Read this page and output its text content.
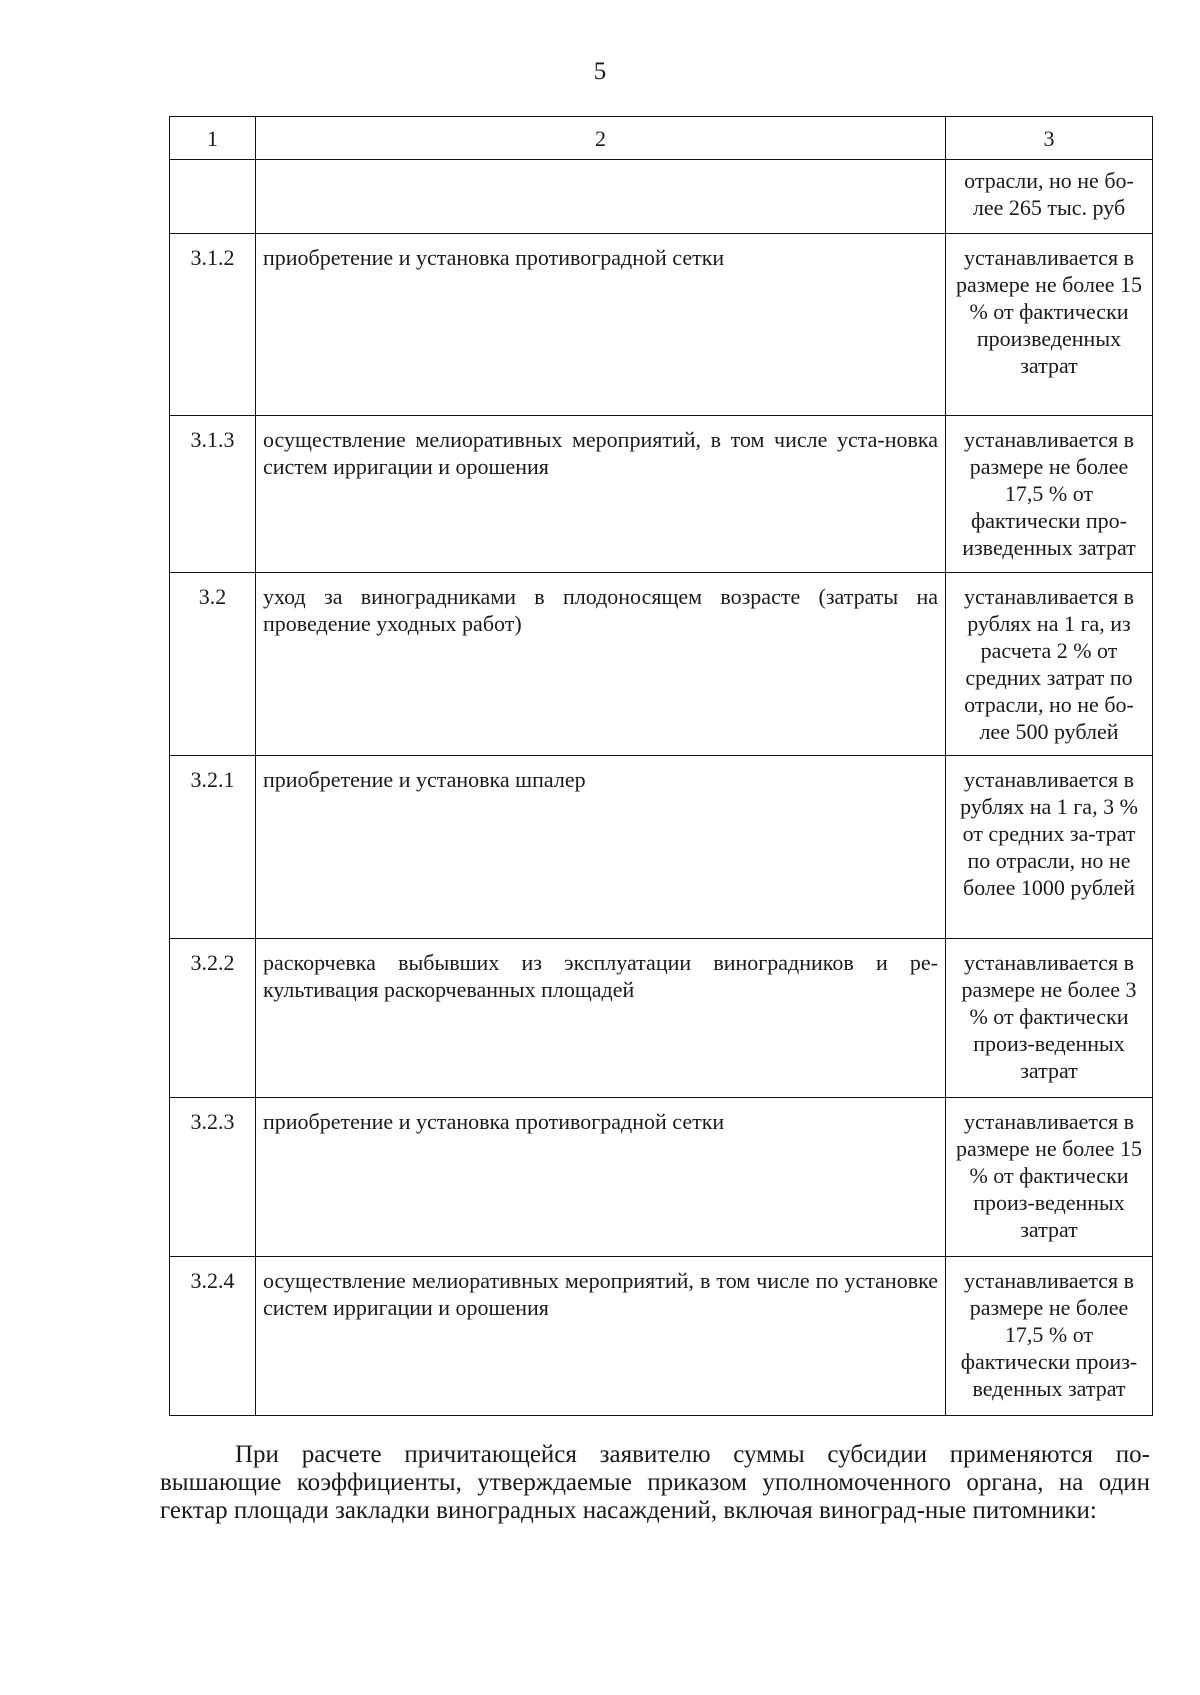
5
1	2	3
		отрасли, но не бо-
лее 265 тыс. руб
3.1.2	приобретение и установка противоградной сетки	устанавливается в размере не более 15 % от фактически произведенных затрат
3.1.3	осуществление мелиоративных мероприятий, в том числе уста-новка систем ирригации и орошения	устанавливается в размере не более 17,5 % от фактически про-изведенных затрат
3.2	уход за виноградниками в плодоносящем возрасте (затраты на проведение уходных работ)	устанавливается в рублях на 1 га, из расчета 2 % от средних затрат по отрасли, но не бо-лее 500 рублей
3.2.1	приобретение и установка шпалер	устанавливается в рублях на 1 га, 3 % от средних за-трат по отрасли, но не более 1000 рублей
3.2.2	раскорчевка выбывших из эксплуатации виноградников и ре-культивация раскорчеванных площадей	устанавливается в размере не более 3 % от фактически произ-веденных затрат
3.2.3	приобретение и установка противоградной сетки	устанавливается в размере не более 15 % от фактически произ-веденных затрат
3.2.4	осуществление мелиоративных мероприятий, в том числе по установке систем ирригации и орошения	устанавливается в размере не более 17,5 % от фактически произ-веденных затрат

При расчете причитающейся заявителю суммы субсидии применяются по-вышающие коэффициенты, утверждаемые приказом уполномоченного органа, на один гектар площади закладки виноградных насаждений, включая виноград-ные питомники:
